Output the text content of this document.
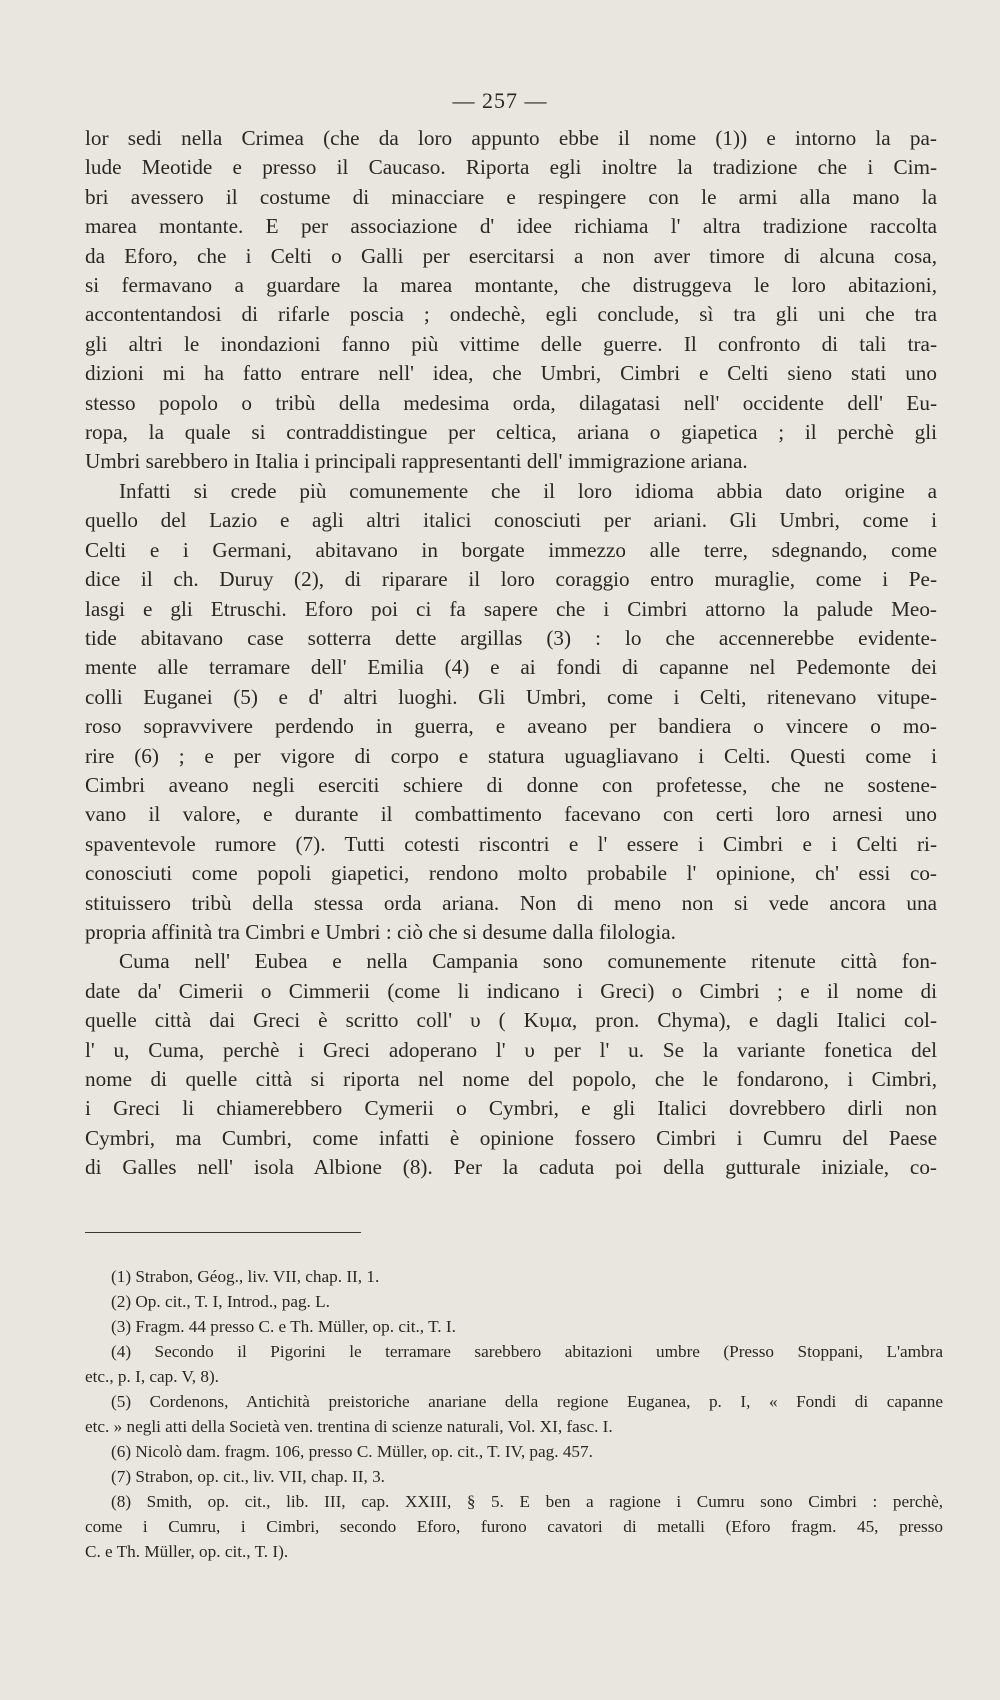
— 257 —
lor sedi nella Crimea (che da loro appunto ebbe il nome (1)) e intorno la pa-
lude Meotide e presso il Caucaso. Riporta egli inoltre la tradizione che i Cim-
bri avessero il costume di minacciare e respingere con le armi alla mano la
marea montante. E per associazione d' idee richiama l' altra tradizione raccolta
da Eforo, che i Celti o Galli per esercitarsi a non aver timore di alcuna cosa,
si fermavano a guardare la marea montante, che distruggeva le loro abitazioni,
accontentandosi di rifarle poscia ; ondechè, egli conclude, sì tra gli uni che tra
gli altri le inondazioni fanno più vittime delle guerre. Il confronto di tali tra-
dizioni mi ha fatto entrare nell' idea, che Umbri, Cimbri e Celti sieno stati uno
stesso popolo o tribù della medesima orda, dilagatasi nell' occidente dell' Eu-
ropa, la quale si contraddistingue per celtica, ariana o giapetica ; il perchè gli
Umbri sarebbero in Italia i principali rappresentanti dell' immigrazione ariana.
Infatti si crede più comunemente che il loro idioma abbia dato origine a
quello del Lazio e agli altri italici conosciuti per ariani. Gli Umbri, come i
Celti e i Germani, abitavano in borgate immezzo alle terre, sdegnando, come
dice il ch. Duruy (2), di riparare il loro coraggio entro muraglie, come i Pe-
lasgi e gli Etruschi. Eforo poi ci fa sapere che i Cimbri attorno la palude Meo-
tide abitavano case sotterra dette argillas (3) : lo che accennerebbe evidente-
mente alle terramare dell' Emilia (4) e ai fondi di capanne nel Pedemonte dei
colli Euganei (5) e d' altri luoghi. Gli Umbri, come i Celti, ritenevano vitupe-
roso sopravvivere perdendo in guerra, e aveano per bandiera o vincere o mo-
rire (6) ; e per vigore di corpo e statura uguagliavano i Celti. Questi come i
Cimbri aveano negli eserciti schiere di donne con profetesse, che ne sostene-
vano il valore, e durante il combattimento facevano con certi loro arnesi uno
spaventevole rumore (7). Tutti cotesti riscontri e l' essere i Cimbri e i Celti ri-
conosciuti come popoli giapetici, rendono molto probabile l' opinione, ch' essi co-
stituissero tribù della stessa orda ariana. Non di meno non si vede ancora una
propria affinità tra Cimbri e Umbri : ciò che si desume dalla filologia.
Cuma nell' Eubea e nella Campania sono comunemente ritenute città fon-
date da' Cimerii o Cimmerii (come li indicano i Greci) o Cimbri ; e il nome di
quelle città dai Greci è scritto coll' υ ( Κυμα, pron. Chyma), e dagli Italici col-
l' u, Cuma, perchè i Greci adoperano l' υ per l' u. Se la variante fonetica del
nome di quelle città si riporta nel nome del popolo, che le fondarono, i Cimbri,
i Greci li chiamerebbero Cymerii o Cymbri, e gli Italici dovrebbero dirli non
Cymbri, ma Cumbri, come infatti è opinione fossero Cimbri i Cumru del Paese
di Galles nell' isola Albione (8). Per la caduta poi della gutturale iniziale, co-
(1) Strabon, Géog., liv. VII, chap. II, 1.
(2) Op. cit., T. I, Introd., pag. L.
(3) Fragm. 44 presso C. e Th. Müller, op. cit., T. I.
(4) Secondo il Pigorini le terramare sarebbero abitazioni umbre (Presso Stoppani, L'ambra
etc., p. I, cap. V, 8).
(5) Cordenons, Antichità preistoriche anariane della regione Euganea, p. I, « Fondi di capanne
etc. » negli atti della Società ven. trentina di scienze naturali, Vol. XI, fasc. I.
(6) Nicolò dam. fragm. 106, presso C. Müller, op. cit., T. IV, pag. 457.
(7) Strabon, op. cit., liv. VII, chap. II, 3.
(8) Smith, op. cit., lib. III, cap. XXIII, § 5. E ben a ragione i Cumru sono Cimbri : perchè,
come i Cumru, i Cimbri, secondo Eforo, furono cavatori di metalli (Eforo fragm. 45, presso
C. e Th. Müller, op. cit., T. I).
